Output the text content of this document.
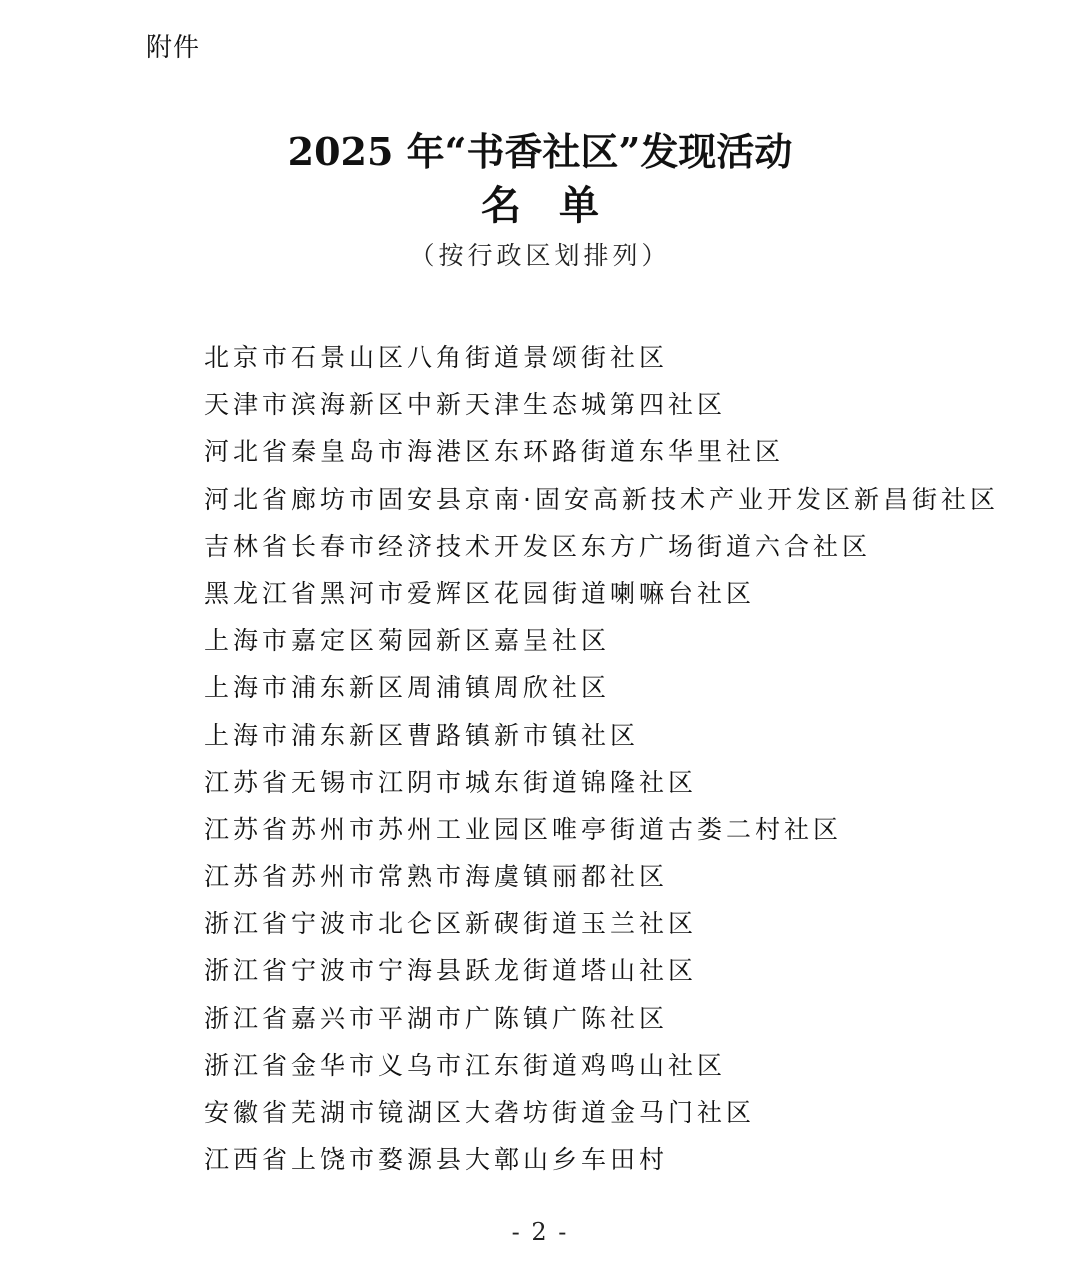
附件
2025 年“书香社区”发现活动
名 单
（按行政区划排列）
北京市石景山区八角街道景颂街社区
天津市滨海新区中新天津生态城第四社区
河北省秦皇岛市海港区东环路街道东华里社区
河北省廊坊市固安县京南·固安高新技术产业开发区新昌街社区
吉林省长春市经济技术开发区东方广场街道六合社区
黑龙江省黑河市爱辉区花园街道喇嘛台社区
上海市嘉定区菊园新区嘉呈社区
上海市浦东新区周浦镇周欣社区
上海市浦东新区曹路镇新市镇社区
江苏省无锡市江阴市城东街道锦隆社区
江苏省苏州市苏州工业园区唯亭街道古娄二村社区
江苏省苏州市常熟市海虞镇丽都社区
浙江省宁波市北仑区新碶街道玉兰社区
浙江省宁波市宁海县跃龙街道塔山社区
浙江省嘉兴市平湖市广陈镇广陈社区
浙江省金华市义乌市江东街道鸡鸣山社区
安徽省芜湖市镜湖区大砻坊街道金马门社区
江西省上饶市婺源县大鄣山乡车田村
- 2 -
